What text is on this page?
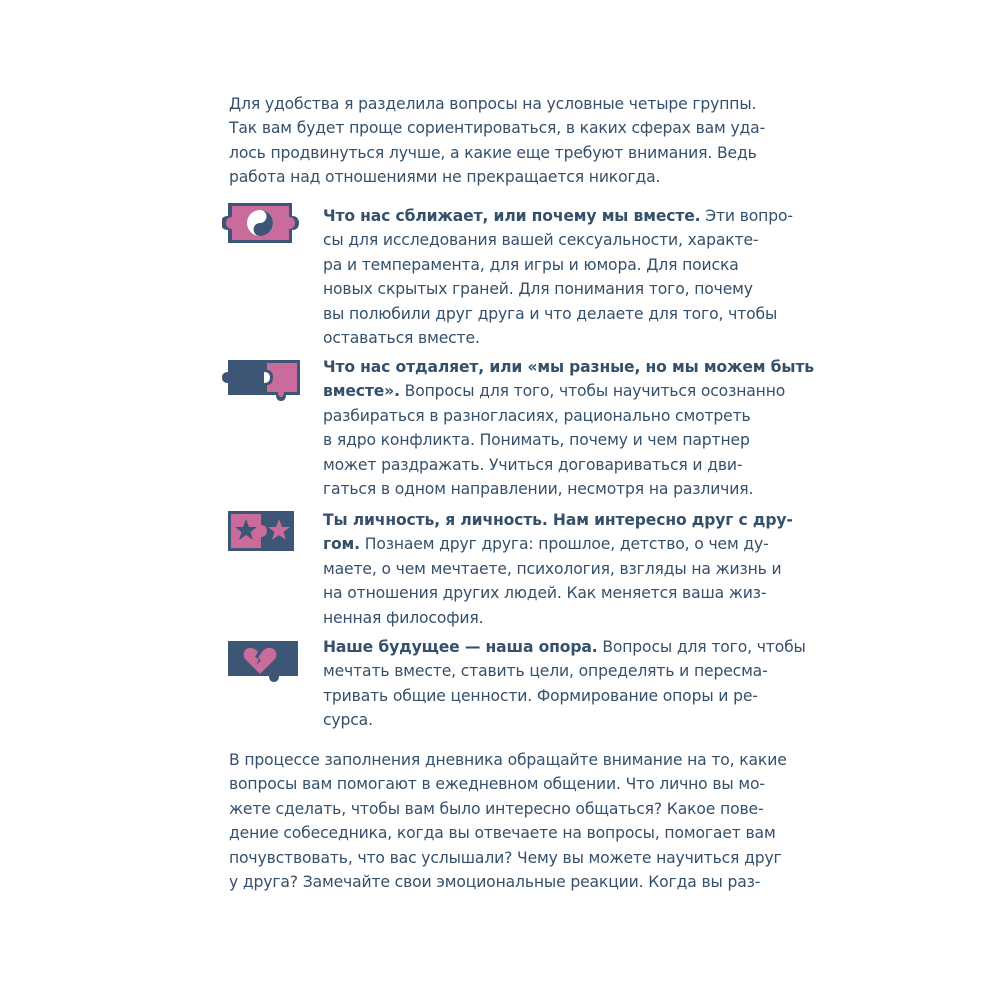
Для удобства я разделила вопросы на условные четыре группы.
Так вам будет проще сориентироваться, в каких сферах вам уда-
лось продвинуться лучше, а какие еще требуют внимания. Ведь
работа над отношениями не прекращается никогда.
Что нас сближает, или почему мы вместе. Эти вопро-
сы для исследования вашей сексуальности, характе-
ра и темперамента, для игры и юмора. Для поиска
новых скрытых граней. Для понимания того, почему
вы полюбили друг друга и что делаете для того, чтобы
оставаться вместе.
Что нас отдаляет, или «мы разные, но мы можем быть
вместе». Вопросы для того, чтобы научиться осознанно
разбираться в разногласиях, рационально смотреть
в ядро конфликта. Понимать, почему и чем партнер
может раздражать. Учиться договариваться и дви-
гаться в одном направлении, несмотря на различия.
Ты личность, я личность. Нам интересно друг с дру-
гом. Познаем друг друга: прошлое, детство, о чем ду-
маете, о чем мечтаете, психология, взгляды на жизнь и
на отношения других людей. Как меняется ваша жиз-
ненная философия.
Наше будущее — наша опора. Вопросы для того, чтобы
мечтать вместе, ставить цели, определять и пересма-
тривать общие ценности. Формирование опоры и ре-
сурса.
В процессе заполнения дневника обращайте внимание на то, какие
вопросы вам помогают в ежедневном общении. Что лично вы мо-
жете сделать, чтобы вам было интересно общаться? Какое пове-
дение собеседника, когда вы отвечаете на вопросы, помогает вам
почувствовать, что вас услышали? Чему вы можете научиться друг
у друга? Замечайте свои эмоциональные реакции. Когда вы раз-
